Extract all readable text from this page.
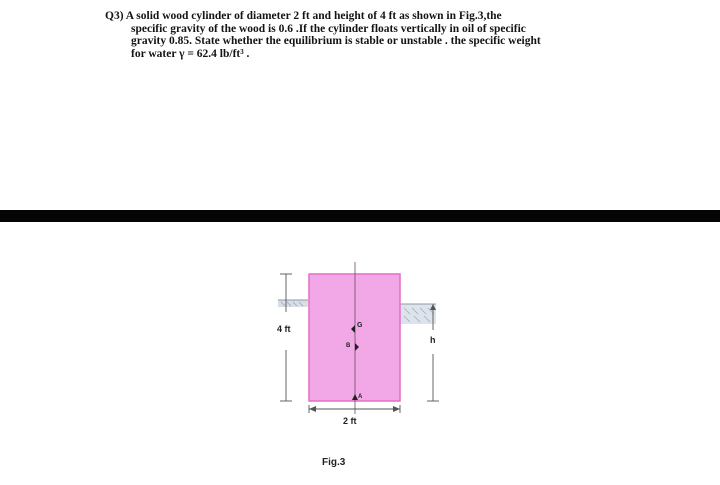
Q3) A solid wood cylinder of diameter 2 ft and height of 4 ft as shown in Fig.3,the
specific gravity of the wood is 0.6 .If the cylinder floats vertically in oil of specific
gravity 0.85. State whether the equilibrium is stable or unstable . the specific weight
for water γ = 62.4 lb/ft³ .
4 ft
h
G
B
A
2 ft
Fig.3
